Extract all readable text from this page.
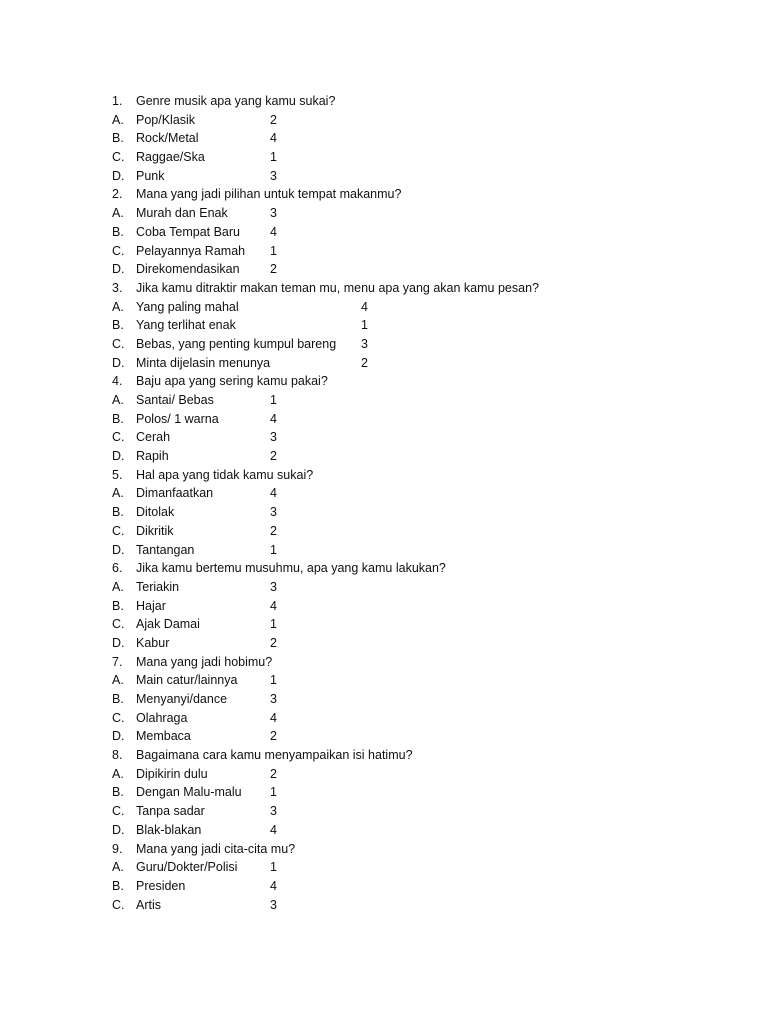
1.	Genre musik apa yang kamu sukai?
A. Pop/Klasik	2
B. Rock/Metal	4
C. Raggae/Ska	1
D. Punk	3
2.	Mana yang jadi pilihan untuk tempat makanmu?
A. Murah dan Enak	3
B. Coba Tempat Baru 4
C. Pelayannya Ramah 1
D. Direkomendasikan 2
3.	Jika kamu ditraktir makan teman mu, menu apa yang akan kamu pesan?
A. Yang paling mahal	4
B. Yang terlihat enak	1
C. Bebas, yang penting kumpul bareng 3
D. Minta dijelasin menunya	2
4.	Baju apa yang sering kamu pakai?
A. Santai/ Bebas	1
B. Polos/ 1 warna	4
C. Cerah	3
D. Rapih	2
5.	Hal apa yang tidak kamu sukai?
A. Dimanfaatkan	4
B. Ditolak	3
C. Dikritik	2
D. Tantangan	1
6.	Jika kamu bertemu musuhmu, apa yang kamu lakukan?
A. Teriakin	3
B. Hajar	4
C. Ajak Damai	1
D. Kabur	2
7.	Mana yang jadi hobimu?
A. Main catur/lainnya	1
B. Menyanyi/dance	3
C. Olahraga	4
D. Membaca	2
8.	Bagaimana cara kamu menyampaikan isi hatimu?
A. Dipikirin dulu	2
B. Dengan Malu-malu 1
C. Tanpa sadar	3
D. Blak-blakan	4
9.	Mana yang jadi cita-cita mu?
A. Guru/Dokter/Polisi	1
B. Presiden	4
C. Artis	3
